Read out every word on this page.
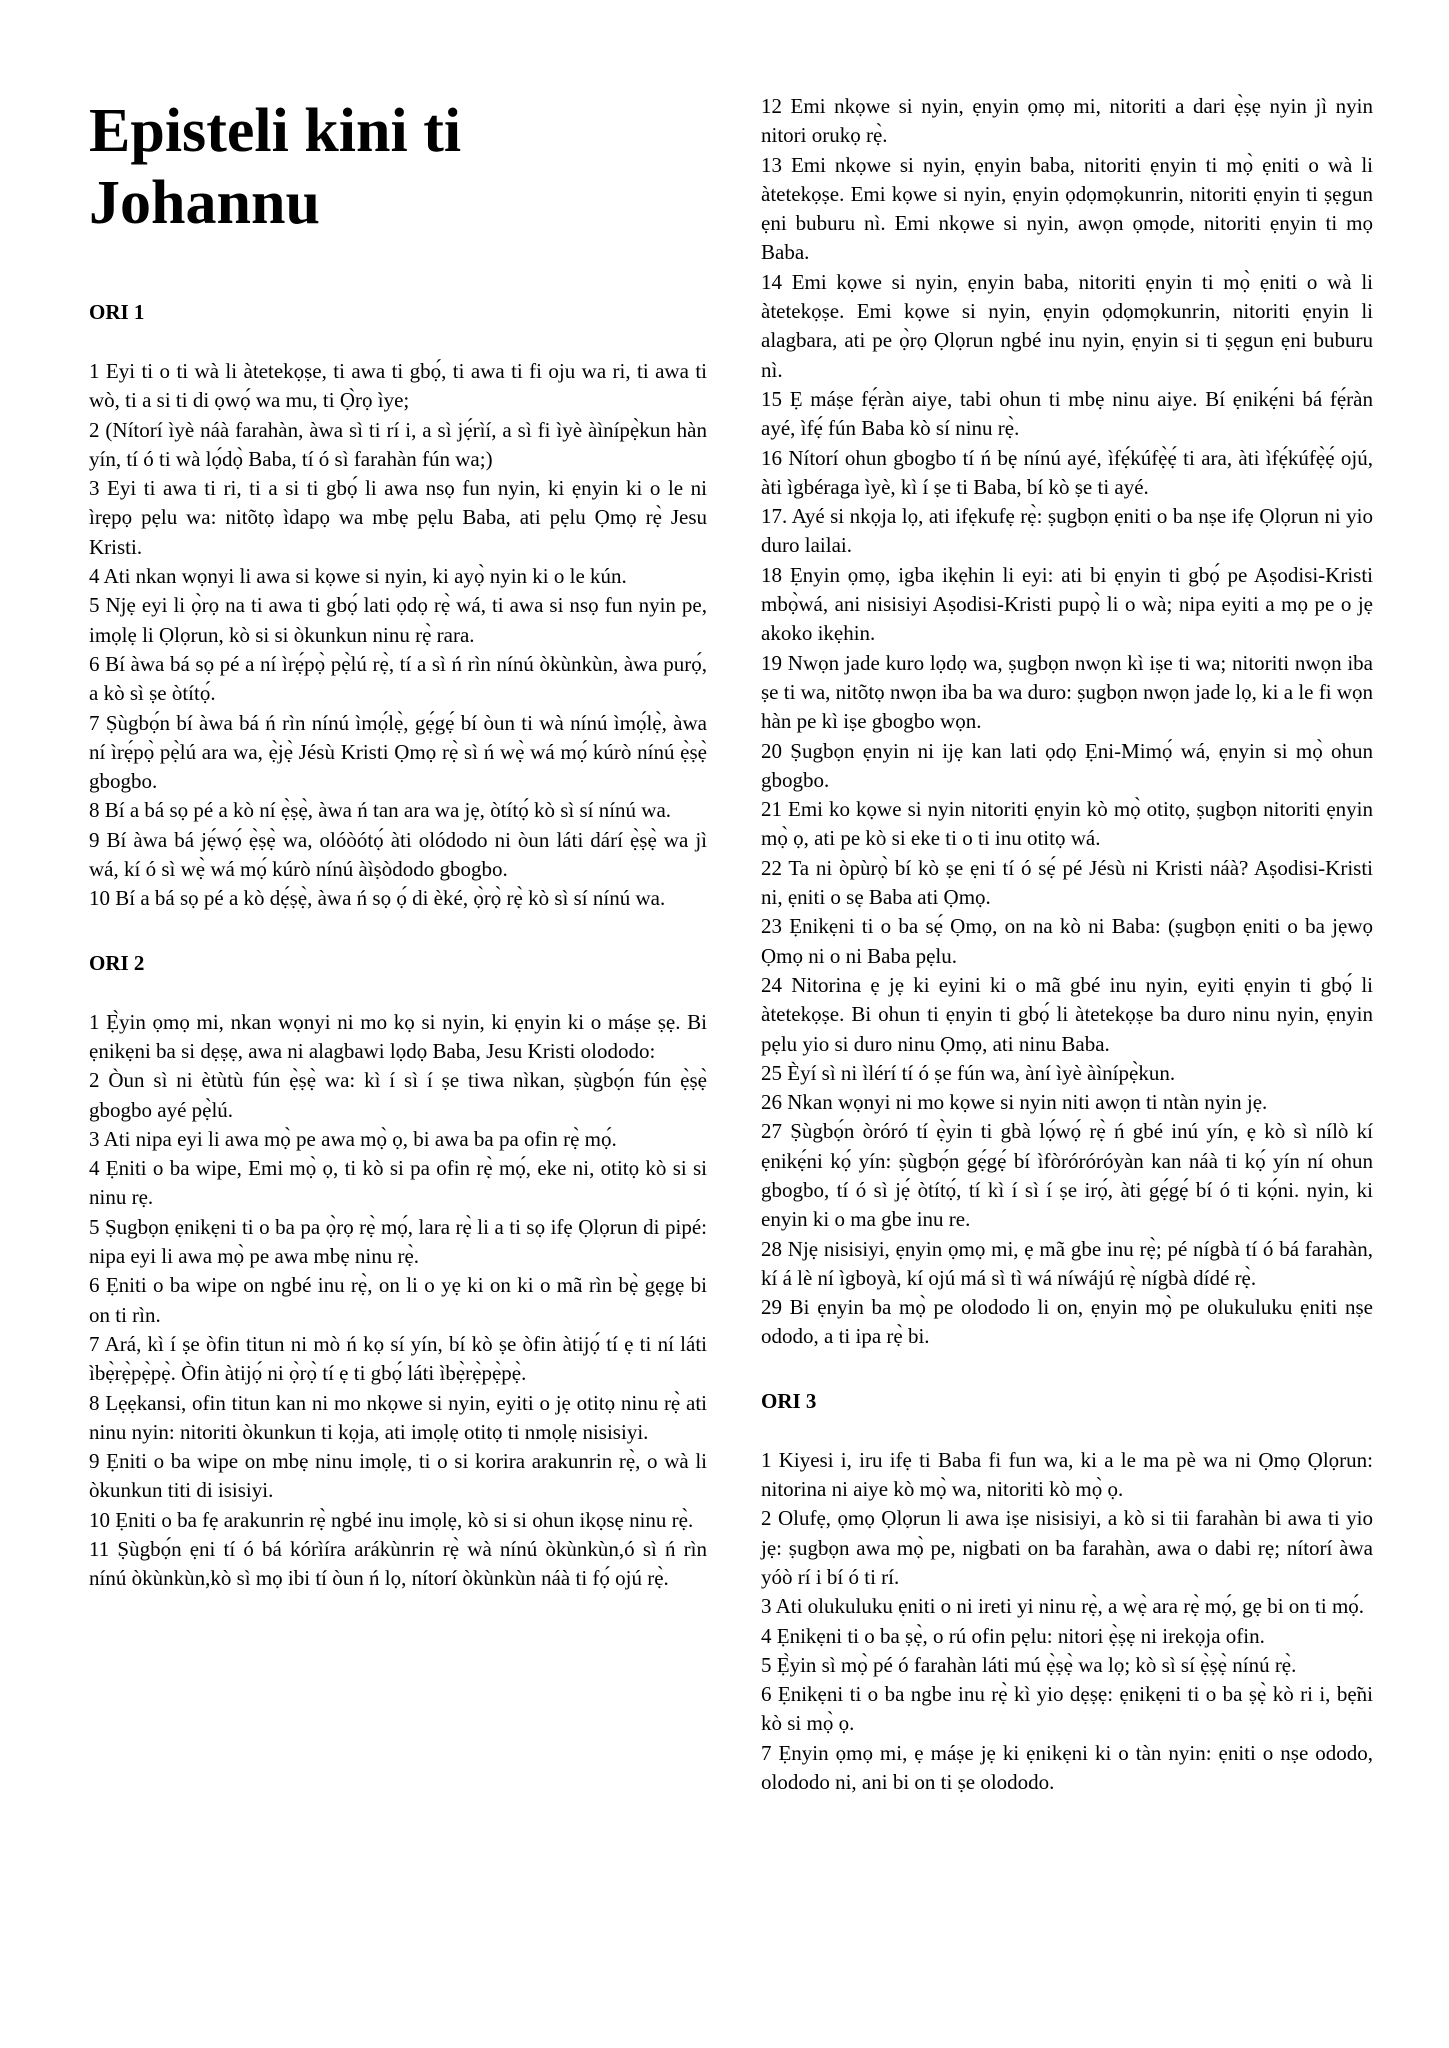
Episteli kini ti Johannu
ORI 1

1 Eyi ti o ti wà li àtetekọṣe, ti awa ti gbọ́, ti awa ti fi oju wa ri, ti awa ti wò, ti a si ti di ọwọ́ wa mu, ti Ọ̀rọ ìye;

2 (Nítorí ìyè náà farahàn, àwa sì ti rí i, a sì jẹ́rìí, a sì fi ìyè àìnípẹ̀kun hàn yín, tí ó ti wà lọ́dọ̀ Baba, tí ó sì farahàn fún wa;)

3 Eyi ti awa ti ri, ti a si ti gbọ́ li awa nsọ fun nyin, ki ẹnyin ki o le ni ìrẹpọ pẹlu wa: nitõtọ ìdapọ wa mbẹ pẹlu Baba, ati pẹlu Ọmọ rẹ̀ Jesu Kristi.

4 Ati nkan wọnyi li awa si kọwe si nyin, ki ayọ̀ nyin ki o le kún.

5 Njẹ eyi li ọ̀rọ na ti awa ti gbọ́ lati ọdọ rẹ̀ wá, ti awa si nsọ fun nyin pe, imọlẹ li Ọlọrun, kò si si òkunkun ninu rẹ̀ rara.

6 Bí àwa bá sọ pé a ní ìrẹ́pọ̀ pẹ̀lú rẹ̀, tí a sì ń rìn nínú òkùnkùn, àwa purọ́, a kò sì ṣe òtítọ́.

7 Ṣùgbọ́n bí àwa bá ń rìn nínú ìmọ́lẹ̀, gẹ́gẹ́ bí òun ti wà nínú ìmọ́lẹ̀, àwa ní ìrẹ́pọ̀ pẹ̀lú ara wa, ẹ̀jẹ̀ Jésù Kristi Ọmọ rẹ̀ sì ń wẹ̀ wá mọ́ kúrò nínú ẹ̀ṣẹ̀ gbogbo.

8 Bí a bá sọ pé a kò ní ẹ̀ṣẹ̀, àwa ń tan ara wa jẹ, òtítọ́ kò sì sí nínú wa.

9 Bí àwa bá jẹ́wọ́ ẹ̀ṣẹ̀ wa, olóòótọ́ àti olódodo ni òun láti dárí ẹ̀ṣẹ̀ wa jì wá, kí ó sì wẹ̀ wá mọ́ kúrò nínú àìṣòdodo gbogbo.

10 Bí a bá sọ pé a kò dẹ́ṣẹ̀, àwa ń sọ ọ́ di èké, ọ̀rọ̀ rẹ̀ kò sì sí nínú wa.

ORI 2

1 Ẹ̀yin ọmọ mi, nkan wọnyi ni mo kọ si nyin, ki ẹnyin ki o máṣe ṣẹ. Bi ẹnikẹni ba si dẹṣẹ, awa ni alagbawi lọdọ Baba, Jesu Kristi olododo:

2 Òun sì ni ètùtù fún ẹ̀ṣẹ̀ wa: kì í sì í ṣe tiwa nìkan, ṣùgbọ́n fún ẹ̀ṣẹ̀ gbogbo ayé pẹ̀lú.

3 Ati nipa eyi li awa mọ̀ pe awa mọ̀ ọ, bi awa ba pa ofin rẹ̀ mọ́.

4 Ẹniti o ba wipe, Emi mọ̀ ọ, ti kò si pa ofin rẹ̀ mọ́, eke ni, otitọ kò si si ninu rẹ.

5 Ṣugbọn ẹnikẹni ti o ba pa ọ̀rọ rẹ̀ mọ́, lara rẹ̀ li a ti sọ ifẹ Ọlọrun di pipé: nipa eyi li awa mọ̀ pe awa mbẹ ninu rẹ̀.

6 Ẹniti o ba wipe on ngbé inu rẹ̀, on li o yẹ ki on ki o mã rìn bẹ̀ gẹgẹ bi on ti rìn.

7 Ará, kì í ṣe òfin titun ni mò ń kọ sí yín, bí kò ṣe òfin àtijọ́ tí ẹ ti ní láti ìbẹ̀rẹ̀pẹ̀pẹ̀. Òfin àtijọ́ ni ọ̀rọ̀ tí ẹ ti gbọ́ láti ìbẹ̀rẹ̀pẹ̀pẹ̀.

8 Lẹẹkansi, ofin titun kan ni mo nkọwe si nyin, eyiti o jẹ otitọ ninu rẹ̀ ati ninu nyin: nitoriti òkunkun ti kọja, ati imọlẹ otitọ ti nmọlẹ nisisiyi.

9 Ẹniti o ba wipe on mbẹ ninu imọlẹ, ti o si korira arakunrin rẹ̀, o wà li òkunkun titi di isisiyi.

10 Ẹniti o ba fẹ arakunrin rẹ̀ ngbé inu imọlẹ, kò si si ohun ikọsẹ ninu rẹ̀.

11 Ṣùgbọ́n ẹni tí ó bá kórìíra arákùnrin rẹ̀ wà nínú òkùnkùn,ó sì ń rìn nínú òkùnkùn,kò sì mọ ibi tí òun ń lọ, nítorí òkùnkùn náà ti fọ́ ojú rẹ̀.

12 Emi nkọwe si nyin, ẹnyin ọmọ mi, nitoriti a dari ẹ̀ṣẹ nyin jì nyin nitori orukọ rẹ̀.

13 Emi nkọwe si nyin, ẹnyin baba, nitoriti ẹnyin ti mọ̀ ẹniti o wà li àtetekọṣe. Emi kọwe si nyin, ẹnyin ọdọmọkunrin, nitoriti ẹnyin ti ṣẹgun ẹni buburu nì. Emi nkọwe si nyin, awọn ọmọde, nitoriti ẹnyin ti mọ Baba.

14 Emi kọwe si nyin, ẹnyin baba, nitoriti ẹnyin ti mọ̀ ẹniti o wà li àtetekọṣe. Emi kọwe si nyin, ẹnyin ọdọmọkunrin, nitoriti ẹnyin li alagbara, ati pe ọ̀rọ Ọlọrun ngbé inu nyin, ẹnyin si ti ṣẹgun ẹni buburu nì.

15 Ẹ máṣe fẹ́ràn aiye, tabi ohun ti mbẹ ninu aiye. Bí ẹnikẹ́ni bá fẹ́ràn ayé, ìfẹ́ fún Baba kò sí ninu rẹ̀.

16 Nítorí ohun gbogbo tí ń bẹ nínú ayé, ìfẹ́kúfẹ̀ẹ́ ti ara, àti ìfẹ́kúfẹ̀ẹ́ ojú, àti ìgbéraga ìyè, kì í ṣe ti Baba, bí kò ṣe ti ayé.

17. Ayé si nkọja lọ, ati ifẹkufẹ rẹ̀: ṣugbọn ẹniti o ba nṣe ifẹ Ọlọrun ni yio duro lailai.

18 Ẹnyin ọmọ, igba ikẹhin li eyi: ati bi ẹnyin ti gbọ́ pe Aṣodisi-Kristi mbọ̀wá, ani nisisiyi Aṣodisi-Kristi pupọ̀ li o wà; nipa eyiti a mọ pe o jẹ akoko ikẹhin.

19 Nwọn jade kuro lọdọ wa, ṣugbọn nwọn kì iṣe ti wa; nitoriti nwọn iba ṣe ti wa, nitõtọ nwọn iba ba wa duro: ṣugbọn nwọn jade lọ, ki a le fi wọn hàn pe kì iṣe gbogbo wọn.

20 Ṣugbọn ẹnyin ni ijẹ kan lati ọdọ Ẹni-Mimọ́ wá, ẹnyin si mọ̀ ohun gbogbo.

21 Emi ko kọwe si nyin nitoriti ẹnyin kò mọ̀ otitọ, ṣugbọn nitoriti ẹnyin mọ̀ ọ, ati pe kò si eke ti o ti inu otitọ wá.

22 Ta ni òpùrọ̀ bí kò ṣe ẹni tí ó sẹ́ pé Jésù ni Kristi náà? Aṣodisi-Kristi ni, ẹniti o sẹ Baba ati Ọmọ.

23 Ẹnikẹni ti o ba sẹ́ Ọmọ, on na kò ni Baba: (ṣugbọn ẹniti o ba jẹwọ Ọmọ ni o ni Baba pẹlu.

24 Nitorina ẹ jẹ ki eyini ki o mã gbé inu nyin, eyiti ẹnyin ti gbọ́ li àtetekọṣe. Bi ohun ti ẹnyin ti gbọ́ li àtetekọṣe ba duro ninu nyin, ẹnyin pẹlu yio si duro ninu Ọmọ, ati ninu Baba.

25 Èyí sì ni ìlérí tí ó ṣe fún wa, àní ìyè àìnípẹ̀kun.

26 Nkan wọnyi ni mo kọwe si nyin niti awọn ti ntàn nyin jẹ.

27 Ṣùgbọ́n òróró tí ẹ̀yin ti gbà lọ́wọ́ rẹ̀ ń gbé inú yín, ẹ kò sì nílò kí ẹnikẹ́ni kọ́ yín: ṣùgbọ́n gẹ́gẹ́ bí ìfòróróróyàn kan náà ti kọ́ yín ní ohun gbogbo, tí ó sì jẹ́ òtítọ́, tí kì í sì í ṣe irọ́, àti gẹ́gẹ́ bí ó ti kọ́ni. nyin, ki enyin ki o ma gbe inu re.

28 Njẹ nisisiyi, ẹnyin ọmọ mi, ẹ mã gbe inu rẹ̀; pé nígbà tí ó bá farahàn, kí á lè ní ìgboyà, kí ojú má sì tì wá níwájú rẹ̀ nígbà dídé rẹ̀.

29 Bi ẹnyin ba mọ̀ pe olododo li on, ẹnyin mọ̀ pe olukuluku ẹniti nṣe ododo, a ti ipa rẹ̀ bi.

ORI 3

1 Kiyesi i, iru ifẹ ti Baba fi fun wa, ki a le ma pè wa ni Ọmọ Ọlọrun: nitorina ni aiye kò mọ̀ wa, nitoriti kò mọ̀ ọ.

2 Olufẹ, ọmọ Ọlọrun li awa iṣe nisisiyi, a kò si tii farahàn bi awa ti yio jẹ: ṣugbọn awa mọ̀ pe, nigbati on ba farahàn, awa o dabi rẹ; nítorí àwa yóò rí i bí ó ti rí.

3 Ati olukuluku ẹniti o ni ireti yi ninu rẹ̀, a wẹ̀ ara rẹ̀ mọ́, gẹ bi on ti mọ́.

4 Ẹnikẹni ti o ba ṣẹ̀, o rú ofin pẹlu: nitori ẹ̀ṣẹ ni irekọja ofin.

5 Ẹ̀yin sì mọ̀ pé ó farahàn láti mú ẹ̀ṣẹ̀ wa lọ; kò sì sí ẹ̀ṣẹ̀ nínú rẹ̀.

6 Ẹnikẹni ti o ba ngbe inu rẹ̀ kì yio dẹṣẹ: ẹnikẹni ti o ba ṣẹ̀ kò ri i, bẹ̃ni kò si mọ̀ ọ.

7 Ẹnyin ọmọ mi, ẹ máṣe jẹ ki ẹnikẹni ki o tàn nyin: ẹniti o nṣe ododo, olododo ni, ani bi on ti ṣe olododo.
